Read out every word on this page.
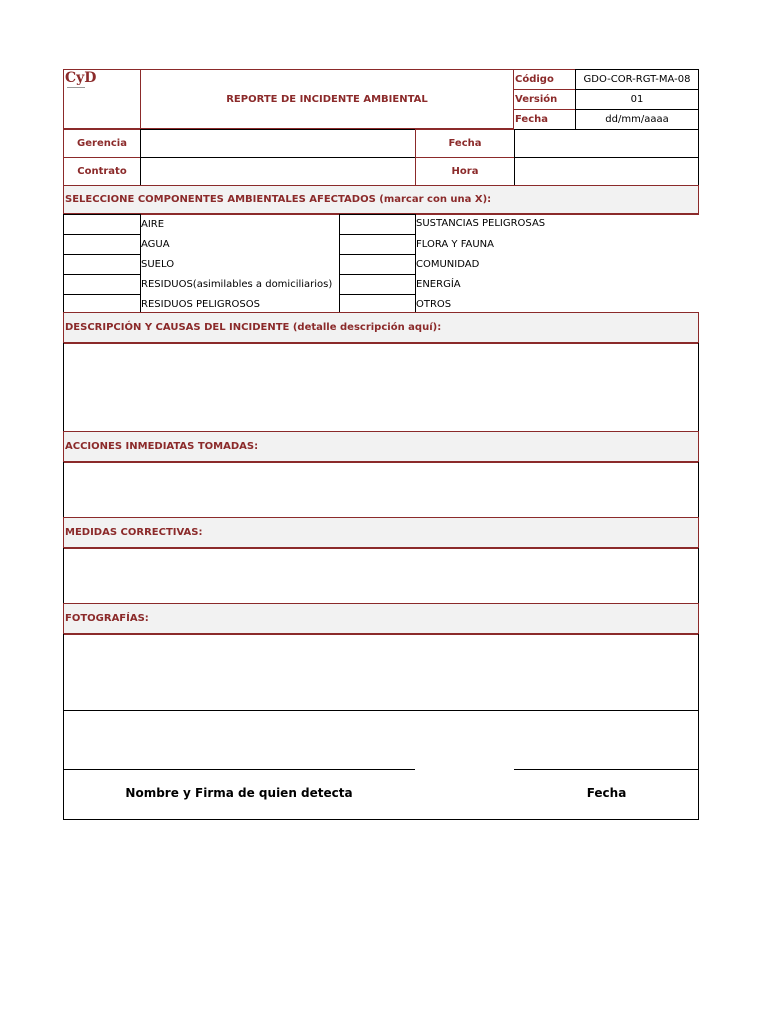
CyD
REPORTE DE INCIDENTE AMBIENTAL
Código	GDO-COR-RGT-MA-08
Versión	01
Fecha	dd/mm/aaaa
Gerencia	Fecha
Contrato	Hora
SELECCIONE COMPONENTES AMBIENTALES AFECTADOS (marcar con una X):
AIRE	SUSTANCIAS PELIGROSAS
AGUA	FLORA Y FAUNA
SUELO	COMUNIDAD
RESIDUOS(asimilables a domiciliarios)	ENERGÍA
RESIDUOS PELIGROSOS	OTROS
DESCRIPCIÓN Y CAUSAS DEL INCIDENTE (detalle descripción aquí):
ACCIONES INMEDIATAS TOMADAS:
MEDIDAS CORRECTIVAS:
FOTOGRAFÍAS:
Nombre y Firma de quien detecta	Fecha
